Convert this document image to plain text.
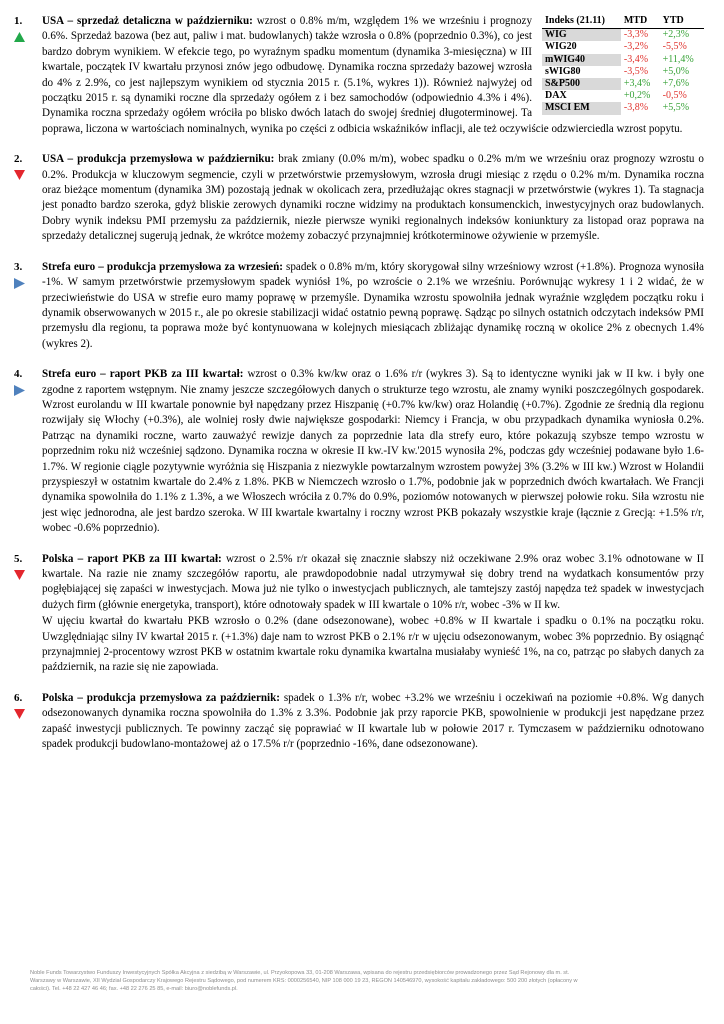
1.	Indeks (21.11)	MTD	YTD
WIG	-3,3%	+2,3%
WIG20	-3,2%	-5,5%
mWIG40	-3,4%	+11,4%
sWIG80	-3,5%	+5,0%
S&P500	+3,4%	+7,6%
DAX	+0,2%	-0,5%
MSCI EM	-3,8%	+5,5%
USA – sprzedaż detaliczna w październiku: wzrost o 0.8% m/m, względem 1% we wrześniu i prognozy 0.6%. Sprzedaż bazowa (bez aut, paliw i mat. budowlanych) także wzrosła o 0.8% (poprzednio 0.3%), co jest bardzo dobrym wynikiem. W efekcie tego, po wyraźnym spadku momentum (dynamika 3-miesięczna) w III kwartale, początek IV kwartału przynosi znów jego odbudowę. Dynamika roczna sprzedaży bazowej wzrosła do 4% z 2.9%, co jest najlepszym wynikiem od stycznia 2015 r. (5.1%, wykres 1)). Również najwyżej od początku 2015 r. są dynamiki roczne dla sprzedaży ogółem z i bez samochodów (odpowiednio 4.3% i 4%). Dynamika roczna sprzedaży ogółem wróciła po blisko dwóch latach do swojej średniej długoterminowej. Ta poprawa, liczona w wartościach nominalnych, wynika po części z odbicia wskaźników inflacji, ale też oczywiście odzwierciedla wzrost popytu.
2. USA – produkcja przemysłowa w październiku: brak zmiany (0.0% m/m), wobec spadku o 0.2% m/m we wrześniu oraz prognozy wzrostu o 0.2%. Produkcja w kluczowym segmencie, czyli w przetwórstwie przemysłowym, wzrosła drugi miesiąc z rzędu o 0.2% m/m. Dynamika roczna oraz bieżące momentum (dynamika 3M) pozostają jednak w okolicach zera, przedłużając okres stagnacji w przetwórstwie (wykres 1). Ta stagnacja jest ponadto bardzo szeroka, gdyż bliskie zerowych dynamiki roczne widzimy na produktach konsumenckich, inwestycyjnych oraz budowlanych. Dobry wynik indeksu PMI przemysłu za październik, niezłe pierwsze wyniki regionalnych indeksów koniunktury za listopad oraz poprawa na sprzedaży detalicznej sugerują jednak, że wkrótce możemy zobaczyć przynajmniej krótkoterminowe ożywienie w przemyśle.
3. Strefa euro – produkcja przemysłowa za wrzesień: spadek o 0.8% m/m, który skorygował silny wrześniowy wzrost (+1.8%). Prognoza wynosiła -1%. W samym przetwórstwie przemysłowym spadek wyniósł 1%, po wzroście o 2.1% we wrześniu. Porównując wykresy 1 i 2 widać, że w przeciwieństwie do USA w strefie euro mamy poprawę w przemyśle. Dynamika wzrostu spowolniła jednak wyraźnie względem początku roku i dynamik obserwowanych w 2015 r., ale po okresie stabilizacji widać ostatnio pewną poprawę. Sądząc po silnych ostatnich odczytach indeksów PMI przemysłu dla regionu, ta poprawa może być kontynuowana w kolejnych miesiącach zbliżając dynamikę roczną w okolice 2% z obecnych 1.4% (wykres 2).
4. Strefa euro – raport PKB za III kwartał: wzrost o 0.3% kw/kw oraz o 1.6% r/r (wykres 3). Są to identyczne wyniki jak w II kw. i były one zgodne z raportem wstępnym. Nie znamy jeszcze szczegółowych danych o strukturze tego wzrostu, ale znamy wyniki poszczególnych gospodarek. Wzrost eurolandu w III kwartale ponownie był napędzany przez Hiszpanię (+0.7% kw/kw) oraz Holandię (+0.7%). Zgodnie ze średnią dla regionu rozwijały się Włochy (+0.3%), ale wolniej rosły dwie największe gospodarki: Niemcy i Francja, w obu przypadkach dynamika wyniosła 0.2%. Patrząc na dynamiki roczne, warto zauważyć rewizje danych za poprzednie lata dla strefy euro, które pokazują szybsze tempo wzrostu w poprzednim roku niż wcześniej sądzono. Dynamika roczna w okresie II kw.-IV kw.'2015 wynosiła 2%, podczas gdy wcześniej podawane było 1.6-1.7%. W regionie ciągle pozytywnie wyróżnia się Hiszpania z niezwykle powtarzalnym wzrostem powyżej 3% (3.2% w III kw.) Wzrost w Holandii przyspieszył w ostatnim kwartale do 2.4% z 1.8%. PKB w Niemczech wzrosło o 1.7%, podobnie jak w poprzednich dwóch kwartałach. We Francji dynamika spowolniła do 1.1% z 1.3%, a we Włoszech wróciła z 0.7% do 0.9%, poziomów notowanych w pierwszej połowie roku. Siła wzrostu nie jest więc jednorodna, ale jest bardzo szeroka. W III kwartale kwartalny i roczny wzrost PKB pokazały wszystkie kraje (łącznie z Grecją: +1.5% r/r, wobec -0.6% poprzednio).
5. Polska – raport PKB za III kwartał: wzrost o 2.5% r/r okazał się znacznie słabszy niż oczekiwane 2.9% oraz wobec 3.1% odnotowane w II kwartale. Na razie nie znamy szczegółów raportu, ale prawdopodobnie nadal utrzymywał się dobry trend na wydatkach konsumentów przy pogłębiającej się zapaści w inwestycjach. Mowa już nie tylko o inwestycjach publicznych, ale tamtejszy zastój napędza też spadek w inwestycjach dużych firm (głównie energetyka, transport), które odnotowały spadek w III kwartale o 10% r/r, wobec -3% w II kw.
W ujęciu kwartał do kwartału PKB wzrosło o 0.2% (dane odsezonowane), wobec +0.8% w II kwartale i spadku o 0.1% na początku roku. Uwzględniając silny IV kwartał 2015 r. (+1.3%) daje nam to wzrost PKB o 2.1% r/r w ujęciu odsezonowanym, wobec 3% poprzednio. By osiągnąć przynajmniej 2-procentowy wzrost PKB w ostatnim kwartale roku dynamika kwartalna musiałaby wynieść 1%, na co, patrząc po słabych danych za październik, na razie się nie zapowiada.
6. Polska – produkcja przemysłowa za październik: spadek o 1.3% r/r, wobec +3.2% we wrześniu i oczekiwań na poziomie +0.8%. Wg danych odsezonowanych dynamika roczna spowolniła do 1.3% z 3.3%. Podobnie jak przy raporcie PKB, spowolnienie w produkcji jest napędzane przez zapaść inwestycji publicznych. Te powinny zacząć się poprawiać w II kwartale lub w połowie 2017 r. Tymczasem w październiku odnotowano spadek produkcji budowlano-montażowej aż o 17.5% r/r (poprzednio -16%, dane odsezonowane).
Noble Funds Towarzystwo Funduszy Inwestycyjnych Spółka Akcyjna z siedzibą w Warszawie, ul. Przyokopowa 33, 01-208 Warszawa, wpisana do rejestru przedsiębiorców prowadzonego przez Sąd Rejonowy dla m. st.
Warszawy w Warszawie, XII Wydział Gospodarczy Krajowego Rejestru Sądowego, pod numerem KRS: 0000256540, NIP 108 000 19 23, REGON 140546970, wysokość kapitału zakładowego: 500 200 złotych (opłacony w
całości). Tel. +48 22 427 46 46; fax. +48 22 276 25 85, e-mail: biuro@noblefunds.pl.
